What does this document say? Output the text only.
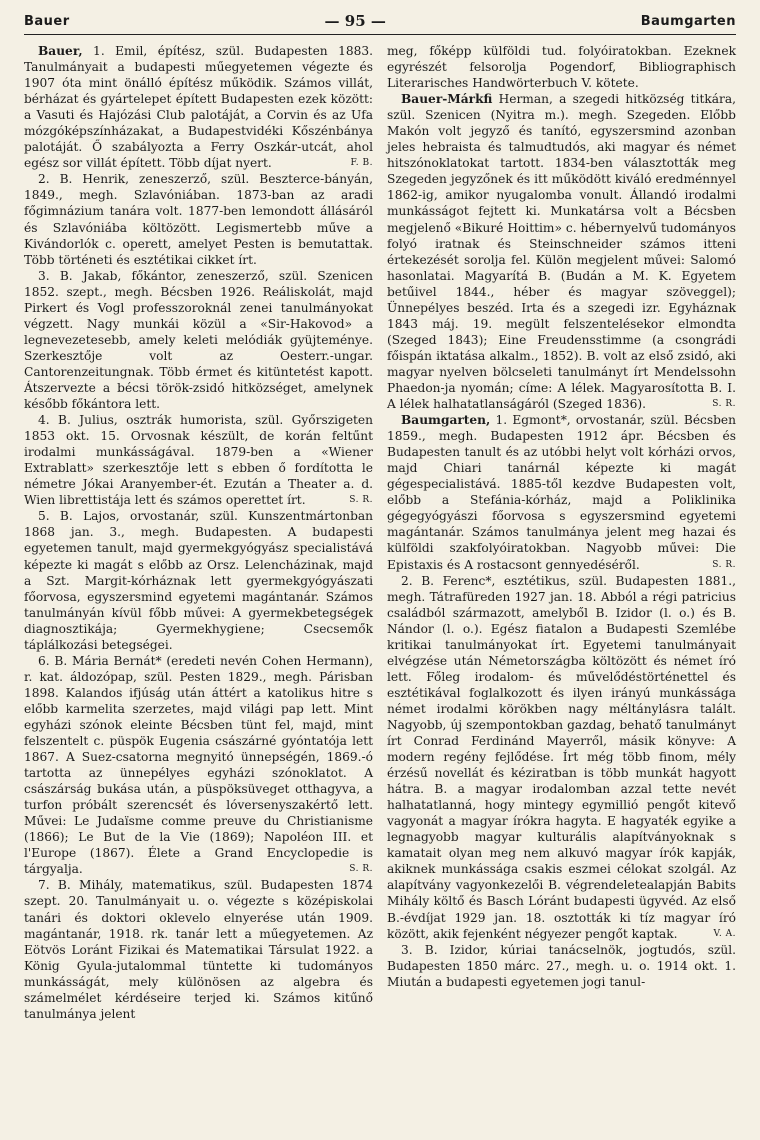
Bauer	— 95 —	Baumgarten

Bauer, 1. Emil, építész, szül. Budapesten 1883. Tanulmányait a budapesti műegyetemen végezte és 1907 óta mint önálló építész működik. Számos villát, bérházat és gyártelepet épített Budapesten ezek között: a Vasuti és Hajózási Club palotáját, a Corvin és az Ufa mózgóképszínházakat, a Budapestvidéki Kőszénbánya palotáját. Ő szabályozta a Ferry Oszkár-utcát, ahol egész sor villát épített. Több díjat nyert.	F. B.

2. B. Henrik, zeneszerző, szül. Beszterce-bányán, 1849., megh. Szlavóniában. 1873-ban az aradi főgimnázium tanára volt. 1877-ben lemondott állásáról és Szlavóniába költözött. Legismertebb műve a Kivándorlók c. operett, amelyet Pesten is bemutattak. Több történeti és esztétikai cikket írt.

3. B. Jakab, főkántor, zeneszerző, szül. Szenicen 1852. szept., megh. Bécsben 1926. Reáliskolát, majd Pirkert és Vogl professzoroknál zenei tanulmányokat végzett. Nagy munkái közül a «Sir-Hakovod» a legnevezetesebb, amely keleti melódiák gyüjteménye. Szerkesztője volt az Oesterr.-ungar. Cantorenzeitungnak. Több érmet és kitüntetést kapott. Átszervezte a bécsi török-zsidó hitközséget, amelynek később főkántora lett.

4. B. Julius, osztrák humorista, szül. Győrszigeten 1853 okt. 15. Orvosnak készült, de korán feltűnt irodalmi munkásságával. 1879-ben a «Wiener Extrablatt» szerkesztője lett s ebben ő fordította le németre Jókai Aranyember-ét. Ezután a Theater a. d. Wien librettistája lett és számos operettet írt.	S. R.

5. B. Lajos, orvostanár, szül. Kunszentmártonban 1868 jan. 3., megh. Budapesten. A budapesti egyetemen tanult, majd gyermekgyógyász specialistává képezte ki magát s előbb az Orsz. Lelencházinak, majd a Szt. Margit-kórháznak lett gyermekgyógyászati főorvosa, egyszersmind egyetemi magántanár. Számos tanulmányán kívül főbb művei: A gyermekbetegségek diagnosztikája; Gyermekhygiene; Csecsemők táplálkozási betegségei.

6. B. Mária Bernát* (eredeti nevén Cohen Hermann), r. kat. áldozópap, szül. Pesten 1829., megh. Párisban 1898. Kalandos ifjúság után áttért a katolikus hitre s előbb karmelita szerzetes, majd világi pap lett. Mint egyházi szónok eleinte Bécsben tünt fel, majd, mint felszentelt c. püspök Eugenia császárné gyóntatója lett 1867. A Suez-csatorna megnyitó ünnepségén, 1869.-ó tartotta az ünnepélyes egyházi szónoklatot. A császárság bukása után, a püspöksüveget otthagyva, a turfon próbált szerencsét és lóversenyszakértő lett. Művei: Le Judaïsme comme preuve du Christianisme (1866); Le But de la Vie (1869); Napoléon III. et l'Europe (1867). Élete a Grand Encyclopedie is tárgyalja.	S. R.

7. B. Mihály, matematikus, szül. Budapesten 1874 szept. 20. Tanulmányait u. o. végezte s középiskolai tanári és doktori oklevelo elnyerése után 1909. magántanár, 1918. rk. tanár lett a műegyetemen. Az Eötvös Loránt Fizikai és Matematikai Társulat 1922. a König Gyula-jutalommal tüntette ki tudományos munkásságát, mely különösen az algebra és számelmélet kérdéseire terjed ki. Számos kitűnő tanulmánya jelent

meg, főképp külföldi tud. folyóiratokban. Ezeknek egyrészét felsorolja Pogendorf, Bibliographisch Literarisches Handwörterbuch V. kötete.

Bauer-Márkfi Herman, a szegedi hitközség titkára, szül. Szenicen (Nyitra m.). megh. Szegeden. Előbb Makón volt jegyző és tanító, egyszersmind azonban jeles hebraista és talmudtudós, aki magyar és német hitszónoklatokat tartott. 1834-ben választották meg Szegeden jegyzőnek és itt működött kiváló eredménnyel 1862-ig, amikor nyugalomba vonult. Állandó irodalmi munkásságot fejtett ki. Munkatársa volt a Bécsben megjelenő «Bikuré Hoittim» c. hébernyelvű tudományos folyó iratnak és Steinschneider számos itteni értekezését sorolja fel. Külön megjelent művei: Salomó hasonlatai. Magyarítá B. (Budán a M. K. Egyetem betűivel 1844., héber és magyar szöveggel); Ünnepélyes beszéd. Irta és a szegedi izr. Egyháznak 1843 máj. 19. megült felszentelésekor elmondta (Szeged 1843); Eine Freudensstimme (a csongrádi főispán iktatása alkalm., 1852). B. volt az első zsidó, aki magyar nyelven bölcseleti tanulmányt írt Mendelssohn Phaedon-ja nyomán; címe: A lélek. Magyarosította B. I. A lélek halhatatlanságáról (Szeged 1836).	S. R.

Baumgarten, 1. Egmont*, orvostanár, szül. Bécsben 1859., megh. Budapesten 1912 ápr. Bécsben és Budapesten tanult és az utóbbi helyt volt kórházi orvos, majd Chiari tanárnál képezte ki magát gégespecialistává. 1885-től kezdve Budapesten volt, előbb a Stefánia-kórház, majd a Poliklinika gégegyógyászi főorvosa s egyszersmind egyetemi magántanár. Számos tanulmánya jelent meg hazai és külföldi szakfolyóiratokban. Nagyobb művei: Die Epistaxis és A rostacsont gennyedéséről.	S. R.

2. B. Ferenc*, esztétikus, szül. Budapesten 1881., megh. Tátrafüreden 1927 jan. 18. Abból a régi patricius családból származott, amelyből B. Izidor (l. o.) és B. Nándor (l. o.). Egész fiatalon a Budapesti Szemlébe kritikai tanulmányokat írt. Egyetemi tanulmányait elvégzése után Németországba költözött és német író lett. Főleg irodalom- és művelődéstörténettel és esztétikával foglalkozott és ilyen irányú munkássága német irodalmi körökben nagy méltánylásra talált. Nagyobb, új szempontokban gazdag, behatő tanulmányt írt Conrad Ferdinánd Mayerről, másik könyve: A modern regény fejlődése. Írt még több finom, mély érzésű novellát és kéziratban is több munkát hagyott hátra. B. a magyar irodalomban azzal tette nevét halhatatlanná, hogy mintegy egymillió pengőt kitevő vagyonát a magyar írókra hagyta. E hagyaték egyike a legnagyobb magyar kulturális alapítványoknak s kamatait olyan meg nem alkuvó magyar írók kapják, akiknek munkássága csakis eszmei célokat szolgál. Az alapítvány vagyonkezelői B. végrendeletealapján Babits Mihály költő és Basch Lóránt budapesti ügyvéd. Az első B.-évdíjat 1929 jan. 18. osztották ki tíz magyar író között, akik fejenként négyezer pengőt kaptak.	V. A.

3. B. Izidor, kúriai tanácselnök, jogtudós, szül. Budapesten 1850 márc. 27., megh. u. o. 1914 okt. 1. Miután a budapesti egyetemen jogi tanul-
